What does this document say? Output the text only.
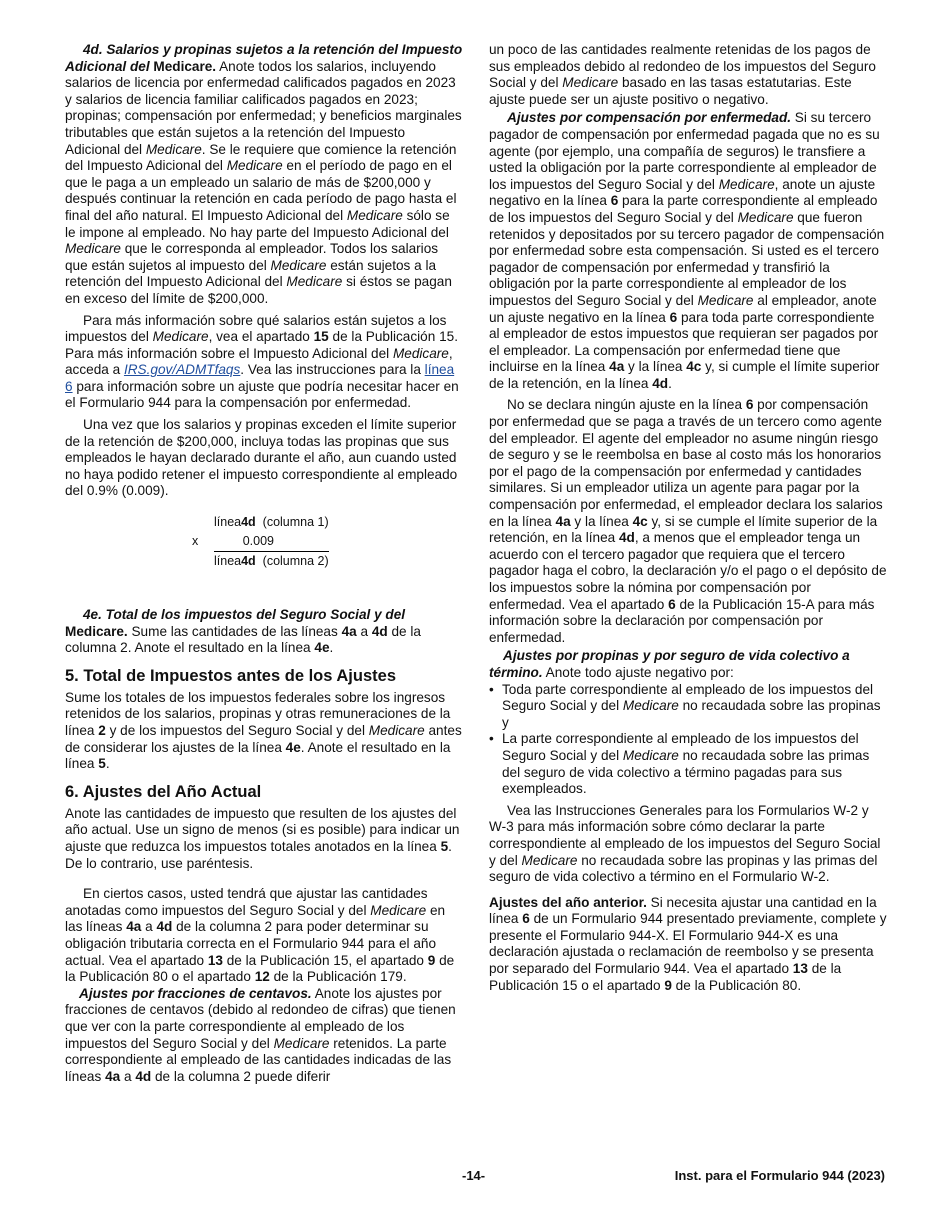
4d. Salarios y propinas sujetos a la retención del Impuesto Adicional del Medicare. Anote todos los salarios, incluyendo salarios de licencia por enfermedad calificados pagados en 2023 y salarios de licencia familiar calificados pagados en 2023; propinas; compensación por enfermedad; y beneficios marginales tributables que están sujetos a la retención del Impuesto Adicional del Medicare. Se le requiere que comience la retención del Impuesto Adicional del Medicare en el período de pago en el que le paga a un empleado un salario de más de $200,000 y después continuar la retención en cada período de pago hasta el final del año natural. El Impuesto Adicional del Medicare sólo se le impone al empleado. No hay parte del Impuesto Adicional del Medicare que le corresponda al empleador. Todos los salarios que están sujetos al impuesto del Medicare están sujetos a la retención del Impuesto Adicional del Medicare si éstos se pagan en exceso del límite de $200,000.

Para más información sobre qué salarios están sujetos a los impuestos del Medicare, vea el apartado 15 de la Publicación 15. Para más información sobre el Impuesto Adicional del Medicare, acceda a IRS.gov/ADMTfaqs. Vea las instrucciones para la línea 6 para información sobre un ajuste que podría necesitar hacer en el Formulario 944 para la compensación por enfermedad.

Una vez que los salarios y propinas exceden el límite superior de la retención de $200,000, incluya todas las propinas que sus empleados le hayan declarado durante el año, aun cuando usted no haya podido retener el impuesto correspondiente al empleado del 0.9% (0.009).

línea 4d
(columna 1)
x	0.009
línea 4d
(columna 2)

4e. Total de los impuestos del Seguro Social y del Medicare. Sume las cantidades de las líneas 4a a 4d de la columna 2. Anote el resultado en la línea 4e.

5. Total de Impuestos antes de los Ajustes

Sume los totales de los impuestos federales sobre los ingresos retenidos de los salarios, propinas y otras remuneraciones de la línea 2 y de los impuestos del Seguro Social y del Medicare antes de considerar los ajustes de la línea 4e. Anote el resultado en la línea 5.

6. Ajustes del Año Actual

Anote las cantidades de impuesto que resulten de los ajustes del año actual. Use un signo de menos (si es posible) para indicar un ajuste que reduzca los impuestos totales anotados en la línea 5. De lo contrario, use paréntesis.

En ciertos casos, usted tendrá que ajustar las cantidades anotadas como impuestos del Seguro Social y del Medicare en las líneas 4a a 4d de la columna 2 para poder determinar su obligación tributaria correcta en el Formulario 944 para el año actual. Vea el apartado 13 de la Publicación 15, el apartado 9 de la Publicación 80 o el apartado 12 de la Publicación 179.

Ajustes por fracciones de centavos. Anote los ajustes por fracciones de centavos (debido al redondeo de cifras) que tienen que ver con la parte correspondiente al empleado de los impuestos del Seguro Social y del Medicare retenidos. La parte correspondiente al empleado de las cantidades indicadas de las líneas 4a a 4d de la columna 2 puede diferir

un poco de las cantidades realmente retenidas de los pagos de sus empleados debido al redondeo de los impuestos del Seguro Social y del Medicare basado en las tasas estatutarias. Este ajuste puede ser un ajuste positivo o negativo.

Ajustes por compensación por enfermedad. Si su tercero pagador de compensación por enfermedad pagada que no es su agente (por ejemplo, una compañía de seguros) le transfiere a usted la obligación por la parte correspondiente al empleador de los impuestos del Seguro Social y del Medicare, anote un ajuste negativo en la línea 6 para la parte correspondiente al empleado de los impuestos del Seguro Social y del Medicare que fueron retenidos y depositados por su tercero pagador de compensación por enfermedad sobre esta compensación. Si usted es el tercero pagador de compensación por enfermedad y transfirió la obligación por la parte correspondiente al empleador de los impuestos del Seguro Social y del Medicare al empleador, anote un ajuste negativo en la línea 6 para toda parte correspondiente al empleador de estos impuestos que requieran ser pagados por el empleador. La compensación por enfermedad tiene que incluirse en la línea 4a y la línea 4c y, si cumple el límite superior de la retención, en la línea 4d.

No se declara ningún ajuste en la línea 6 por compensación por enfermedad que se paga a través de un tercero como agente del empleador. El agente del empleador no asume ningún riesgo de seguro y se le reembolsa en base al costo más los honorarios por el pago de la compensación por enfermedad y cantidades similares. Si un empleador utiliza un agente para pagar por la compensación por enfermedad, el empleador declara los salarios en la línea 4a y la línea 4c y, si se cumple el límite superior de la retención, en la línea 4d, a menos que el empleador tenga un acuerdo con el tercero pagador que requiera que el tercero pagador haga el cobro, la declaración y/o el pago o el depósito de los impuestos sobre la nómina por compensación por enfermedad. Vea el apartado 6 de la Publicación 15-A para más información sobre la declaración por compensación por enfermedad.

Ajustes por propinas y por seguro de vida colectivo a término. Anote todo ajuste negativo por:

• Toda parte correspondiente al empleado de los impuestos del Seguro Social y del Medicare no recaudada sobre las propinas y
• La parte correspondiente al empleado de los impuestos del Seguro Social y del Medicare no recaudada sobre las primas del seguro de vida colectivo a término pagadas para sus exempleados.

Vea las Instrucciones Generales para los Formularios W-2 y W-3 para más información sobre cómo declarar la parte correspondiente al empleado de los impuestos del Seguro Social y del Medicare no recaudada sobre las propinas y las primas del seguro de vida colectivo a término en el Formulario W-2.

Ajustes del año anterior. Si necesita ajustar una cantidad en la línea 6 de un Formulario 944 presentado previamente, complete y presente el Formulario 944-X. El Formulario 944-X es una declaración ajustada o reclamación de reembolso y se presenta por separado del Formulario 944. Vea el apartado 13 de la Publicación 15 o el apartado 9 de la Publicación 80.

-14-	Inst. para el Formulario 944 (2023)
